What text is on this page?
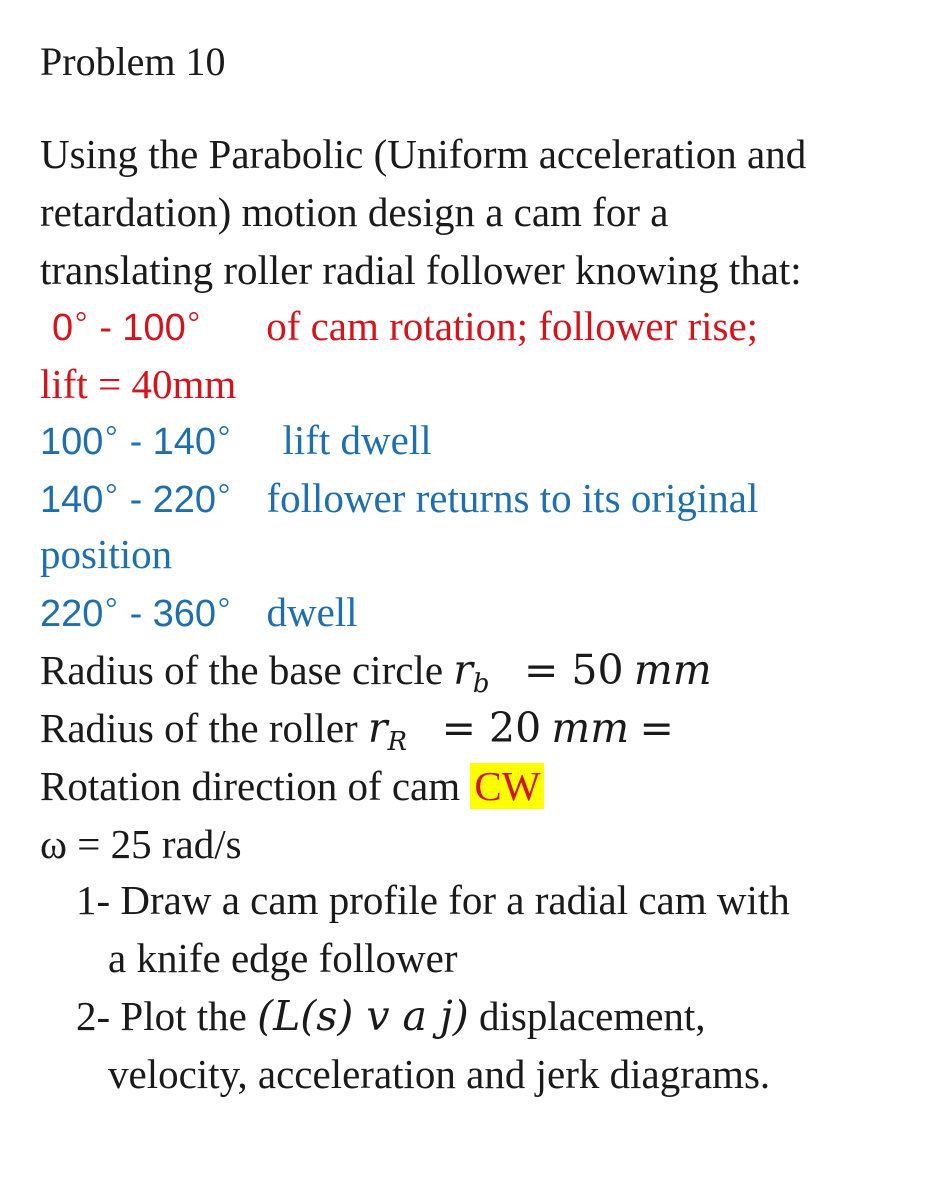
Problem 10
Using the Parabolic (Uniform acceleration and
retardation) motion design a cam for a
translating roller radial follower knowing that:
0° - 100° of cam rotation; follower rise;
lift = 40mm
100° - 140° lift dwell
140° - 220° follower returns to its original
position
220° - 360° dwell
Radius of the base circle rb = 50 mm
Radius of the roller rR = 20 mm =
Rotation direction of cam CW
ω = 25 rad/s
1- Draw a cam profile for a radial cam with
a knife edge follower
2- Plot the (L(s) v a j) displacement,
velocity, acceleration and jerk diagrams.
